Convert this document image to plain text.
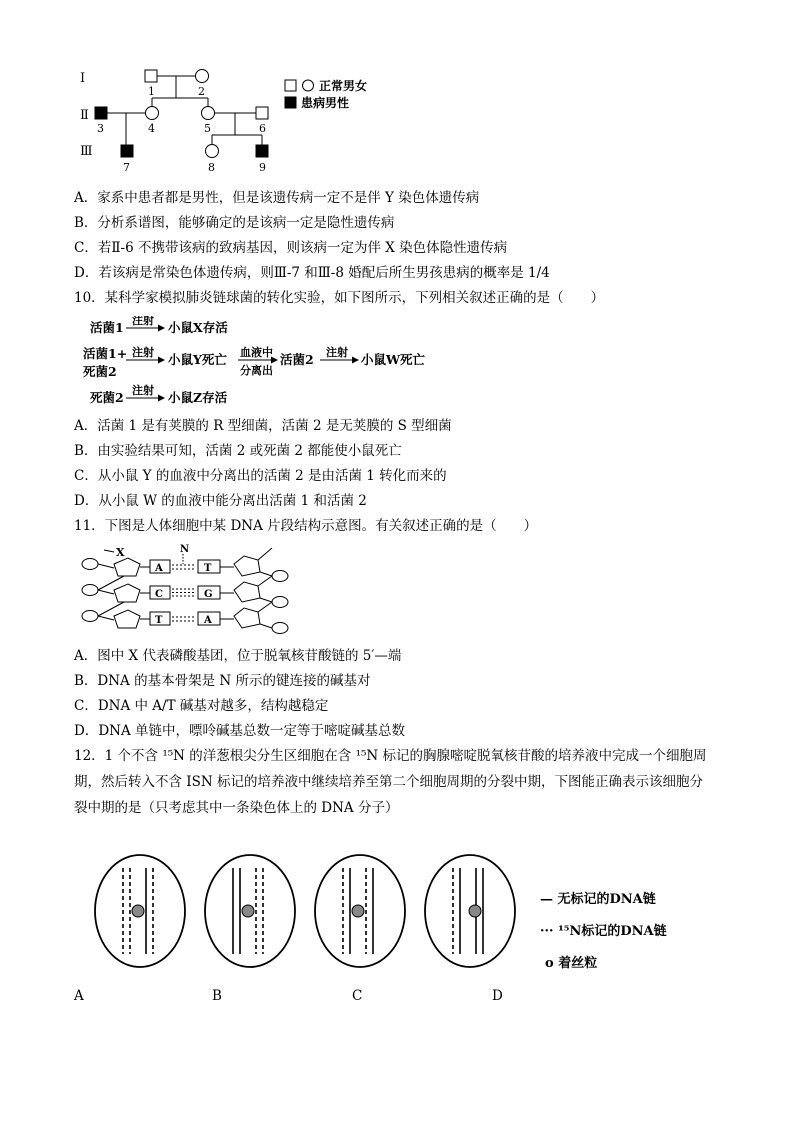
Ⅰ
Ⅱ
Ⅲ
1	2
3	4	5	6
7	8	9
正常男女
患病男性
A．家系中患者都是男性，但是该遗传病一定不是伴 Y 染色体遗传病
B．分析系谱图，能够确定的是该病一定是隐性遗传病
C．若Ⅱ-6 不携带该病的致病基因，则该病一定为伴 X 染色体隐性遗传病
D．若该病是常染色体遗传病，则Ⅲ-7 和Ⅲ-8 婚配后所生男孩患病的概率是 1/4
10．某科学家模拟肺炎链球菌的转化实验，如下图所示，下列相关叙述正确的是（　　）
活菌1 注射 小鼠X存活
活菌1+
死菌2
注射 小鼠Y死亡 血液中
分离出
活菌2 注射 小鼠W死亡
死菌2 注射 小鼠Z存活
A．活菌 1 是有荚膜的 R 型细菌，活菌 2 是无荚膜的 S 型细菌
B．由实验结果可知，活菌 2 或死菌 2 都能使小鼠死亡
C．从小鼠 Y 的血液中分离出的活菌 2 是由活菌 1 转化而来的
D．从小鼠 W 的血液中能分离出活菌 1 和活菌 2
11．下图是人体细胞中某 DNA 片段结构示意图。有关叙述正确的是（　　）
X	N
A
C
T
T
G
A
A．图中 X 代表磷酸基团，位于脱氧核苷酸链的 5′—端
B．DNA 的基本骨架是 N 所示的键连接的碱基对
C．DNA 中 A/T 碱基对越多，结构越稳定
D．DNA 单链中，嘌呤碱基总数一定等于嘧啶碱基总数
12．1 个不含 ¹⁵N 的洋葱根尖分生区细胞在含 ¹⁵N 标记的胸腺嘧啶脱氧核苷酸的培养液中完成一个细胞周
期，然后转入不含 ISN 标记的培养液中继续培养至第二个细胞周期的分裂中期，下图能正确表示该细胞分
裂中期的是（只考虑其中一条染色体上的 DNA 分子）
— 无标记的DNA链
··· ¹⁵N标记的DNA链
o 着丝粒
A	B	C	D
